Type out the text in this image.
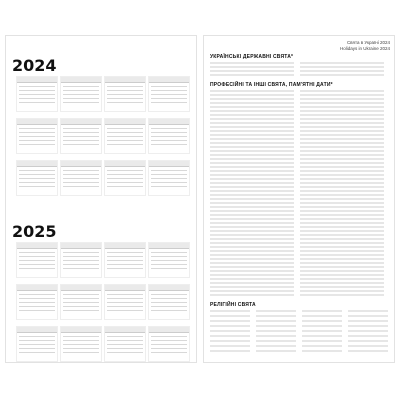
2024
2025
Свята в Україні 2024
Holidays in Ukraine 2024
УКРАЇНСЬКІ ДЕРЖАВНІ СВЯТА*
ПРОФЕСІЙНІ ТА ІНШІ СВЯТА, ПАМ'ЯТНІ ДАТИ*
РЕЛІГІЙНІ СВЯТА
